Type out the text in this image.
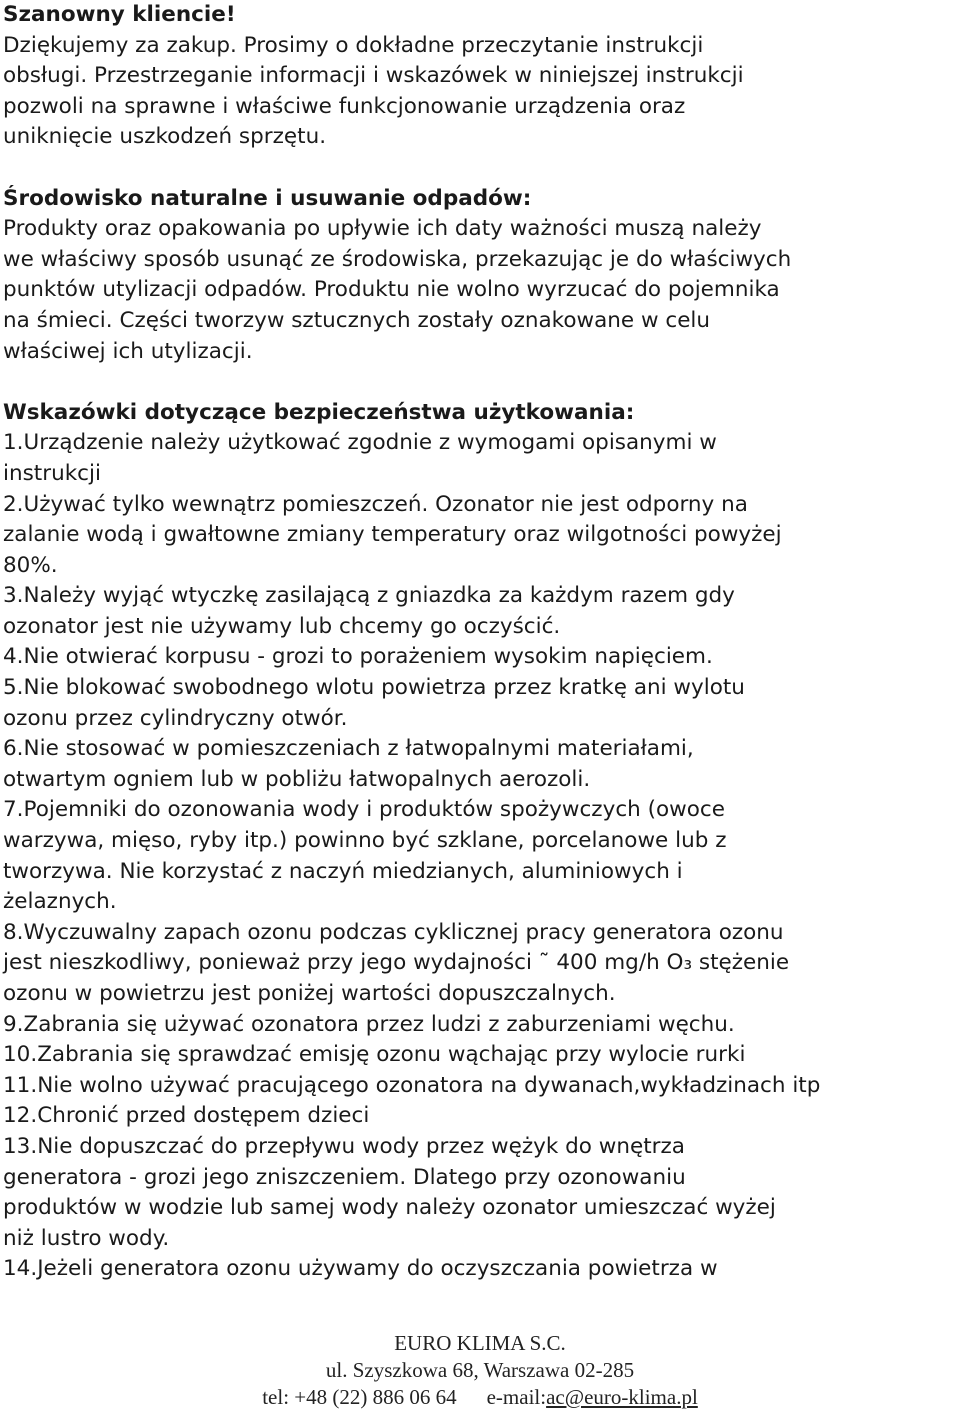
Szanowny kliencie!
Dziękujemy za zakup. Prosimy o dokładne przeczytanie instrukcji
obsługi. Przestrzeganie informacji i wskazówek w niniejszej instrukcji
pozwoli na sprawne i właściwe funkcjonowanie urządzenia oraz
uniknięcie uszkodzeń sprzętu.
Środowisko naturalne i usuwanie odpadów:
Produkty oraz opakowania po upływie ich daty ważności muszą należy
we właściwy sposób usunąć ze środowiska, przekazując je do właściwych
punktów utylizacji odpadów. Produktu nie wolno wyrzucać do pojemnika
na śmieci. Części tworzyw sztucznych zostały oznakowane w celu
właściwej ich utylizacji.
Wskazówki dotyczące bezpieczeństwa użytkowania:
1.Urządzenie należy użytkować zgodnie z wymogami opisanymi w
instrukcji
2.Używać tylko wewnątrz pomieszczeń. Ozonator nie jest odporny na
zalanie wodą i gwałtowne zmiany temperatury oraz wilgotności powyżej
80%.
3.Należy wyjąć wtyczkę zasilającą z gniazdka za każdym razem gdy
ozonator jest nie używamy lub chcemy go oczyścić.
4.Nie otwierać korpusu - grozi to porażeniem wysokim napięciem.
5.Nie blokować swobodnego wlotu powietrza przez kratkę ani wylotu
ozonu przez cylindryczny otwór.
6.Nie stosować w pomieszczeniach z łatwopalnymi materiałami,
otwartym ogniem lub w pobliżu łatwopalnych aerozoli.
7.Pojemniki do ozonowania wody i produktów spożywczych (owoce
warzywa, mięso, ryby itp.) powinno być szklane, porcelanowe lub z
tworzywa. Nie korzystać z naczyń miedzianych, aluminiowych i
żelaznych.
8.Wyczuwalny zapach ozonu podczas cyklicznej pracy generatora ozonu
jest nieszkodliwy, ponieważ przy jego wydajności ˜ 400 mg/h O₃ stężenie
ozonu w powietrzu jest poniżej wartości dopuszczalnych.
9.Zabrania się używać ozonatora przez ludzi z zaburzeniami węchu.
10.Zabrania się sprawdzać emisję ozonu wąchając przy wylocie rurki
11.Nie wolno używać pracującego ozonatora na dywanach,wykładzinach itp
12.Chronić przed dostępem dzieci
13.Nie dopuszczać do przepływu wody przez wężyk do wnętrza
generatora - grozi jego zniszczeniem. Dlatego przy ozonowaniu
produktów w wodzie lub samej wody należy ozonator umieszczać wyżej
niż lustro wody.
14.Jeżeli generatora ozonu używamy do oczyszczania powietrza w
EURO KLIMA S.C.
ul. Szyszkowa 68, Warszawa 02-285
tel: +48 (22) 886 06 64 e-mail:ac@euro-klima.pl
